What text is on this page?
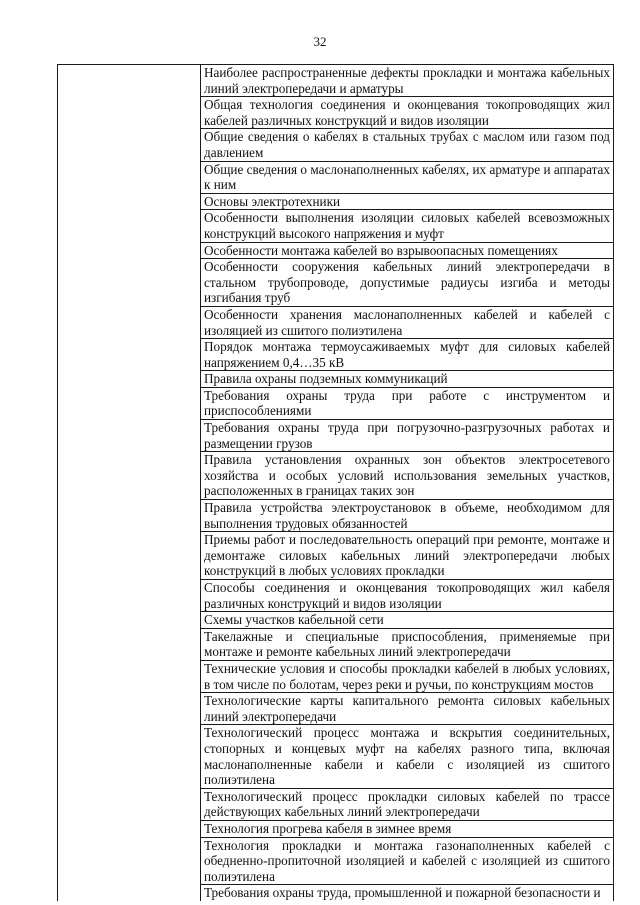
32
	Наиболее распространенные дефекты прокладки и монтажа кабельных линий электропередачи и арматуры
Общая технология соединения и оконцевания токопроводящих жил кабелей различных конструкций и видов изоляции
Общие сведения о кабелях в стальных трубах с маслом или газом под давлением
Общие сведения о маслонаполненных кабелях, их арматуре и аппаратах к ним
Основы электротехники
Особенности выполнения изоляции силовых кабелей всевозможных конструкций высокого напряжения и муфт
Особенности монтажа кабелей во взрывоопасных помещениях
Особенности сооружения кабельных линий электропередачи в стальном трубопроводе, допустимые радиусы изгиба и методы изгибания труб
Особенности хранения маслонаполненных кабелей и кабелей с изоляцией из сшитого полиэтилена
Порядок монтажа термоусаживаемых муфт для силовых кабелей напряжением 0,4…35 кВ
Правила охраны подземных коммуникаций
Требования охраны труда при работе с инструментом и приспособлениями
Требования охраны труда при погрузочно-разгрузочных работах и размещении грузов
Правила установления охранных зон объектов электросетевого хозяйства и особых условий использования земельных участков, расположенных в границах таких зон
Правила устройства электроустановок в объеме, необходимом для выполнения трудовых обязанностей
Приемы работ и последовательность операций при ремонте, монтаже и демонтаже силовых кабельных линий электропередачи любых конструкций в любых условиях прокладки
Способы соединения и оконцевания токопроводящих жил кабеля различных конструкций и видов изоляции
Схемы участков кабельной сети
Такелажные и специальные приспособления, применяемые при монтаже и ремонте кабельных линий электропередачи
Технические условия и способы прокладки кабелей в любых условиях, в том числе по болотам, через реки и ручьи, по конструкциям мостов
Технологические карты капитального ремонта силовых кабельных линий электропередачи
Технологический процесс монтажа и вскрытия соединительных, стопорных и концевых муфт на кабелях разного типа, включая маслонаполненные кабели и кабели с изоляцией из сшитого полиэтилена
Технологический процесс прокладки силовых кабелей по трассе действующих кабельных линий электропередачи
Технология прогрева кабеля в зимнее время
Технология прокладки и монтажа газонаполненных кабелей с обедненно-пропиточной изоляцией и кабелей с изоляцией из сшитого полиэтилена
Требования охраны труда, промышленной и пожарной безопасности и
